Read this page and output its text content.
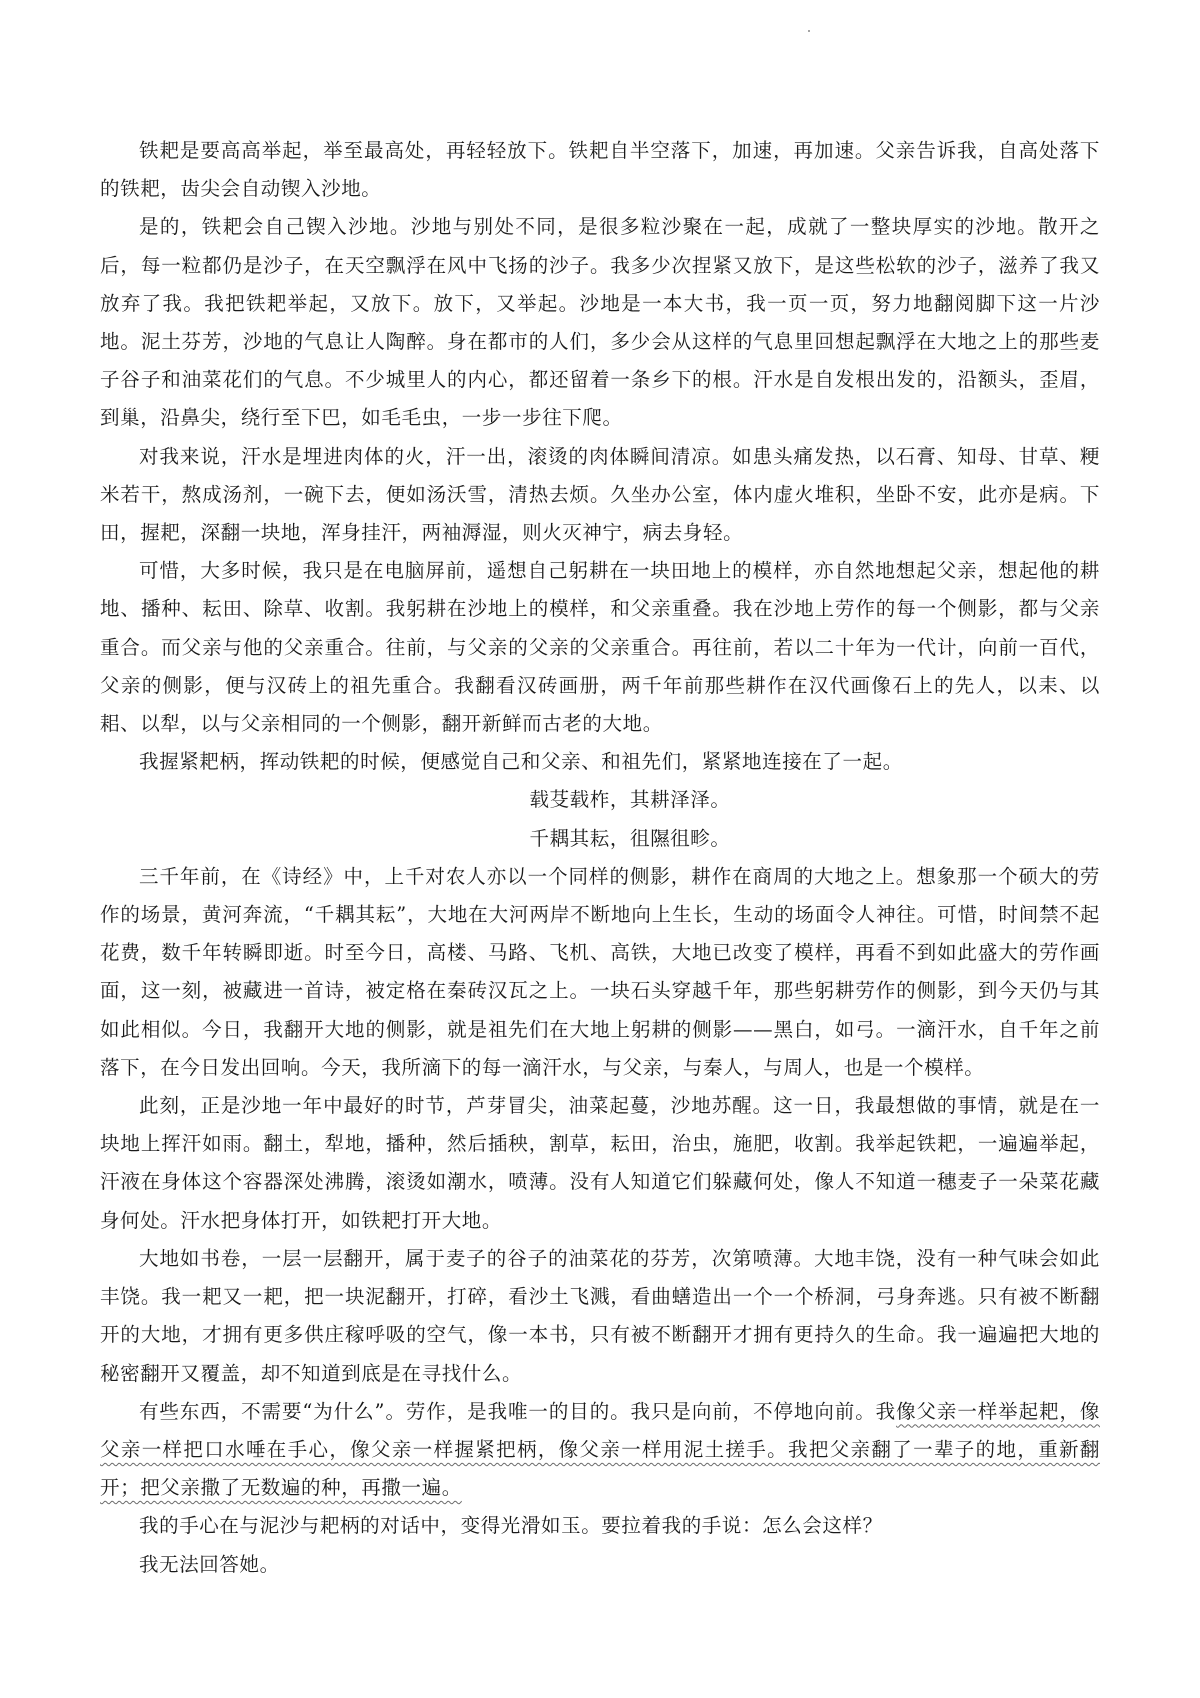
铁耙是要高高举起，举至最高处，再轻轻放下。铁耙自半空落下，加速，再加速。父亲告诉我，自高处落下的铁耙，齿尖会自动锲入沙地。

是的，铁耙会自己锲入沙地。沙地与别处不同，是很多粒沙聚在一起，成就了一整块厚实的沙地。散开之后，每一粒都仍是沙子，在天空飘浮在风中飞扬的沙子。我多少次捏紧又放下，是这些松软的沙子，滋养了我又放弃了我。我把铁耙举起，又放下。放下，又举起。沙地是一本大书，我一页一页，努力地翻阅脚下这一片沙地。泥土芬芳，沙地的气息让人陶醉。身在都市的人们，多少会从这样的气息里回想起飘浮在大地之上的那些麦子谷子和油菜花们的气息。不少城里人的内心，都还留着一条乡下的根。汗水是自发根出发的，沿额头，歪眉，到巢，沿鼻尖，绕行至下巴，如毛毛虫，一步一步往下爬。

对我来说，汗水是埋进肉体的火，汗一出，滚烫的肉体瞬间清凉。如患头痛发热，以石膏、知母、甘草、粳米若干，熬成汤剂，一碗下去，便如汤沃雪，清热去烦。久坐办公室，体内虚火堆积，坐卧不安，此亦是病。下田，握耙，深翻一块地，浑身挂汗，两袖溽湿，则火灭神宁，病去身轻。

可惜，大多时候，我只是在电脑屏前，遥想自己躬耕在一块田地上的模样，亦自然地想起父亲，想起他的耕地、播种、耘田、除草、收割。我躬耕在沙地上的模样，和父亲重叠。我在沙地上劳作的每一个侧影，都与父亲重合。而父亲与他的父亲重合。往前，与父亲的父亲的父亲重合。再往前，若以二十年为一代计，向前一百代，父亲的侧影，便与汉砖上的祖先重合。我翻看汉砖画册，两千年前那些耕作在汉代画像石上的先人，以耒、以耜、以犁，以与父亲相同的一个侧影，翻开新鲜而古老的大地。

我握紧耙柄，挥动铁耙的时候，便感觉自己和父亲、和祖先们，紧紧地连接在了一起。

载芟载柞，其耕泽泽。

千耦其耘，徂隰徂畛。

三千年前，在《诗经》中，上千对农人亦以一个同样的侧影，耕作在商周的大地之上。想象那一个硕大的劳作的场景，黄河奔流，“千耦其耘”，大地在大河两岸不断地向上生长，生动的场面令人神往。可惜，时间禁不起花费，数千年转瞬即逝。时至今日，高楼、马路、飞机、高铁，大地已改变了模样，再看不到如此盛大的劳作画面，这一刻，被藏进一首诗，被定格在秦砖汉瓦之上。一块石头穿越千年，那些躬耕劳作的侧影，到今天仍与其如此相似。今日，我翻开大地的侧影，就是祖先们在大地上躬耕的侧影——黑白，如弓。一滴汗水，自千年之前落下，在今日发出回响。今天，我所滴下的每一滴汗水，与父亲，与秦人，与周人，也是一个模样。

此刻，正是沙地一年中最好的时节，芦芽冒尖，油菜起蔓，沙地苏醒。这一日，我最想做的事情，就是在一块地上挥汗如雨。翻土，犁地，播种，然后插秧，割草，耘田，治虫，施肥，收割。我举起铁耙，一遍遍举起，汗液在身体这个容器深处沸腾，滚烫如潮水，喷薄。没有人知道它们躲藏何处，像人不知道一穗麦子一朵菜花藏身何处。汗水把身体打开，如铁耙打开大地。

大地如书卷，一层一层翻开，属于麦子的谷子的油菜花的芬芳，次第喷薄。大地丰饶，没有一种气味会如此丰饶。我一耙又一耙，把一块泥翻开，打碎，看沙土飞溅，看曲蟮造出一个一个桥洞，弓身奔逃。只有被不断翻开的大地，才拥有更多供庄稼呼吸的空气，像一本书，只有被不断翻开才拥有更持久的生命。我一遍遍把大地的秘密翻开又覆盖，却不知道到底是在寻找什么。

有些东西，不需要“为什么”。劳作，是我唯一的目的。我只是向前，不停地向前。我像父亲一样举起耙，像父亲一样把口水唾在手心，像父亲一样握紧把柄，像父亲一样用泥土搓手。我把父亲翻了一辈子的地，重新翻开；把父亲撒了无数遍的种，再撒一遍。

我的手心在与泥沙与耙柄的对话中，变得光滑如玉。要拉着我的手说：怎么会这样？

我无法回答她。
